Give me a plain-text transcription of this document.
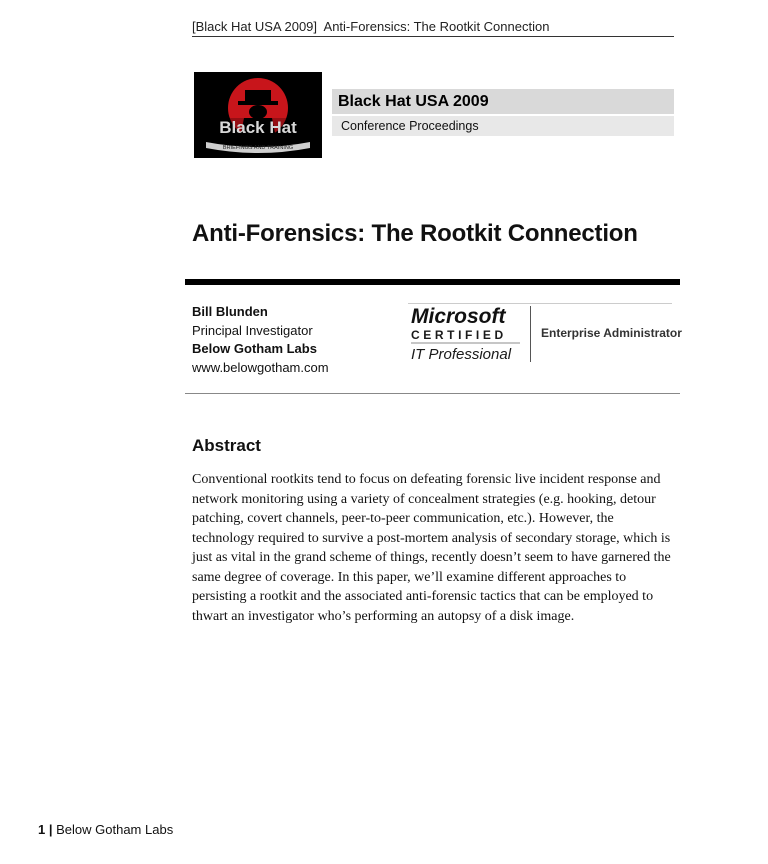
[Black Hat USA 2009]  Anti-Forensics: The Rootkit Connection
Black Hat
BRIEFINGS AND TRAINING
Black Hat USA 2009
Conference Proceedings
Anti-Forensics: The Rootkit Connection
Bill Blunden
Principal Investigator
Below Gotham Labs
www.belowgotham.com
Microsoft
CERTIFIED
IT Professional
Enterprise Administrator
Abstract
Conventional rootkits tend to focus on defeating forensic live incident response and network monitoring using a variety of concealment strategies (e.g. hooking, detour patching, covert channels, peer-to-peer communication, etc.). However, the technology required to survive a post-mortem analysis of secondary storage, which is just as vital in the grand scheme of things, recently doesn’t seem to have garnered the same degree of coverage. In this paper, we’ll examine different approaches to persisting a rootkit and the associated anti-forensic tactics that can be employed to thwart an investigator who’s performing an autopsy of a disk image.
1 | Below Gotham Labs
